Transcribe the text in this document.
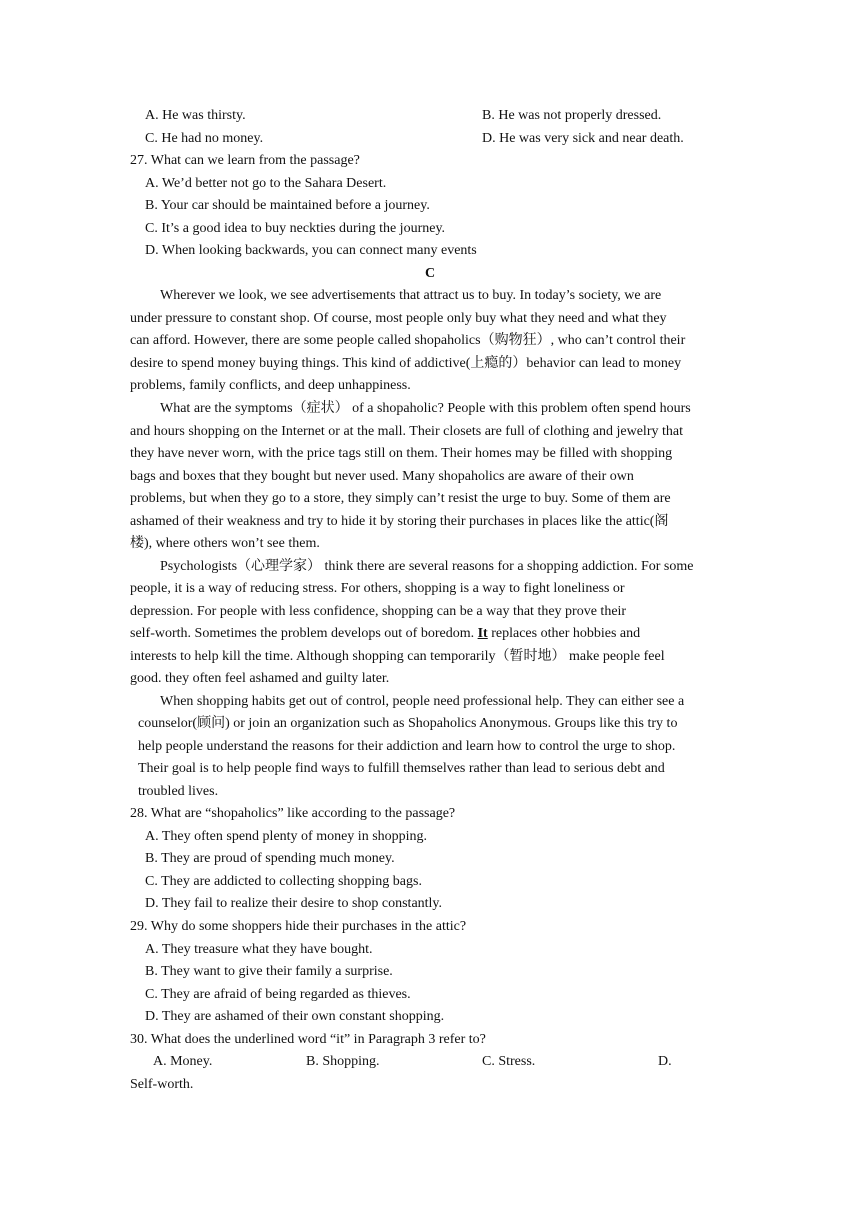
A. He was thirsty.	B. He was not properly dressed.
C. He had no money.	D. He was very sick and near death.
27. What can we learn from the passage?
A. We’d better not go to the Sahara Desert.
B. Your car should be maintained before a journey.
C. It’s a good idea to buy neckties during the journey.
D. When looking backwards, you can connect many events
C
Wherever we look, we see advertisements that attract us to buy. In today’s society, we are
under pressure to constant shop. Of course, most people only buy what they need and what they
can afford. However, there are some people called shopaholics（购物狂）, who can’t control their
desire to spend money buying things. This kind of addictive(上瘾的）behavior can lead to money
problems, family conflicts, and deep unhappiness.
What are the symptoms（症状） of a shopaholic? People with this problem often spend hours
and hours shopping on the Internet or at the mall. Their closets are full of clothing and jewelry that
they have never worn, with the price tags still on them. Their homes may be filled with shopping
bags and boxes that they bought but never used. Many shopaholics are aware of their own
problems, but when they go to a store, they simply can’t resist the urge to buy. Some of them are
ashamed of their weakness and try to hide it by storing their purchases in places like the attic(阁
楼), where others won’t see them.
Psychologists（心理学家） think there are several reasons for a shopping addiction. For some
people, it is a way of reducing stress. For others, shopping is a way to fight loneliness or
depression. For people with less confidence, shopping can be a way that they prove their
self-worth. Sometimes the problem develops out of boredom. It replaces other hobbies and
interests to help kill the time. Although shopping can temporarily（暂时地） make people feel
good. they often feel ashamed and guilty later.
When shopping habits get out of control, people need professional help. They can either see a
counselor(顾问) or join an organization such as Shopaholics Anonymous. Groups like this try to
help people understand the reasons for their addiction and learn how to control the urge to shop.
Their goal is to help people find ways to fulfill themselves rather than lead to serious debt and
troubled lives.
28. What are “shopaholics” like according to the passage?
A. They often spend plenty of money in shopping.
B. They are proud of spending much money.
C. They are addicted to collecting shopping bags.
D. They fail to realize their desire to shop constantly.
29. Why do some shoppers hide their purchases in the attic?
A. They treasure what they have bought.
B. They want to give their family a surprise.
C. They are afraid of being regarded as thieves.
D. They are ashamed of their own constant shopping.
30. What does the underlined word “it” in Paragraph 3 refer to?
A. Money.	B. Shopping.	C. Stress.	D.
Self-worth.
